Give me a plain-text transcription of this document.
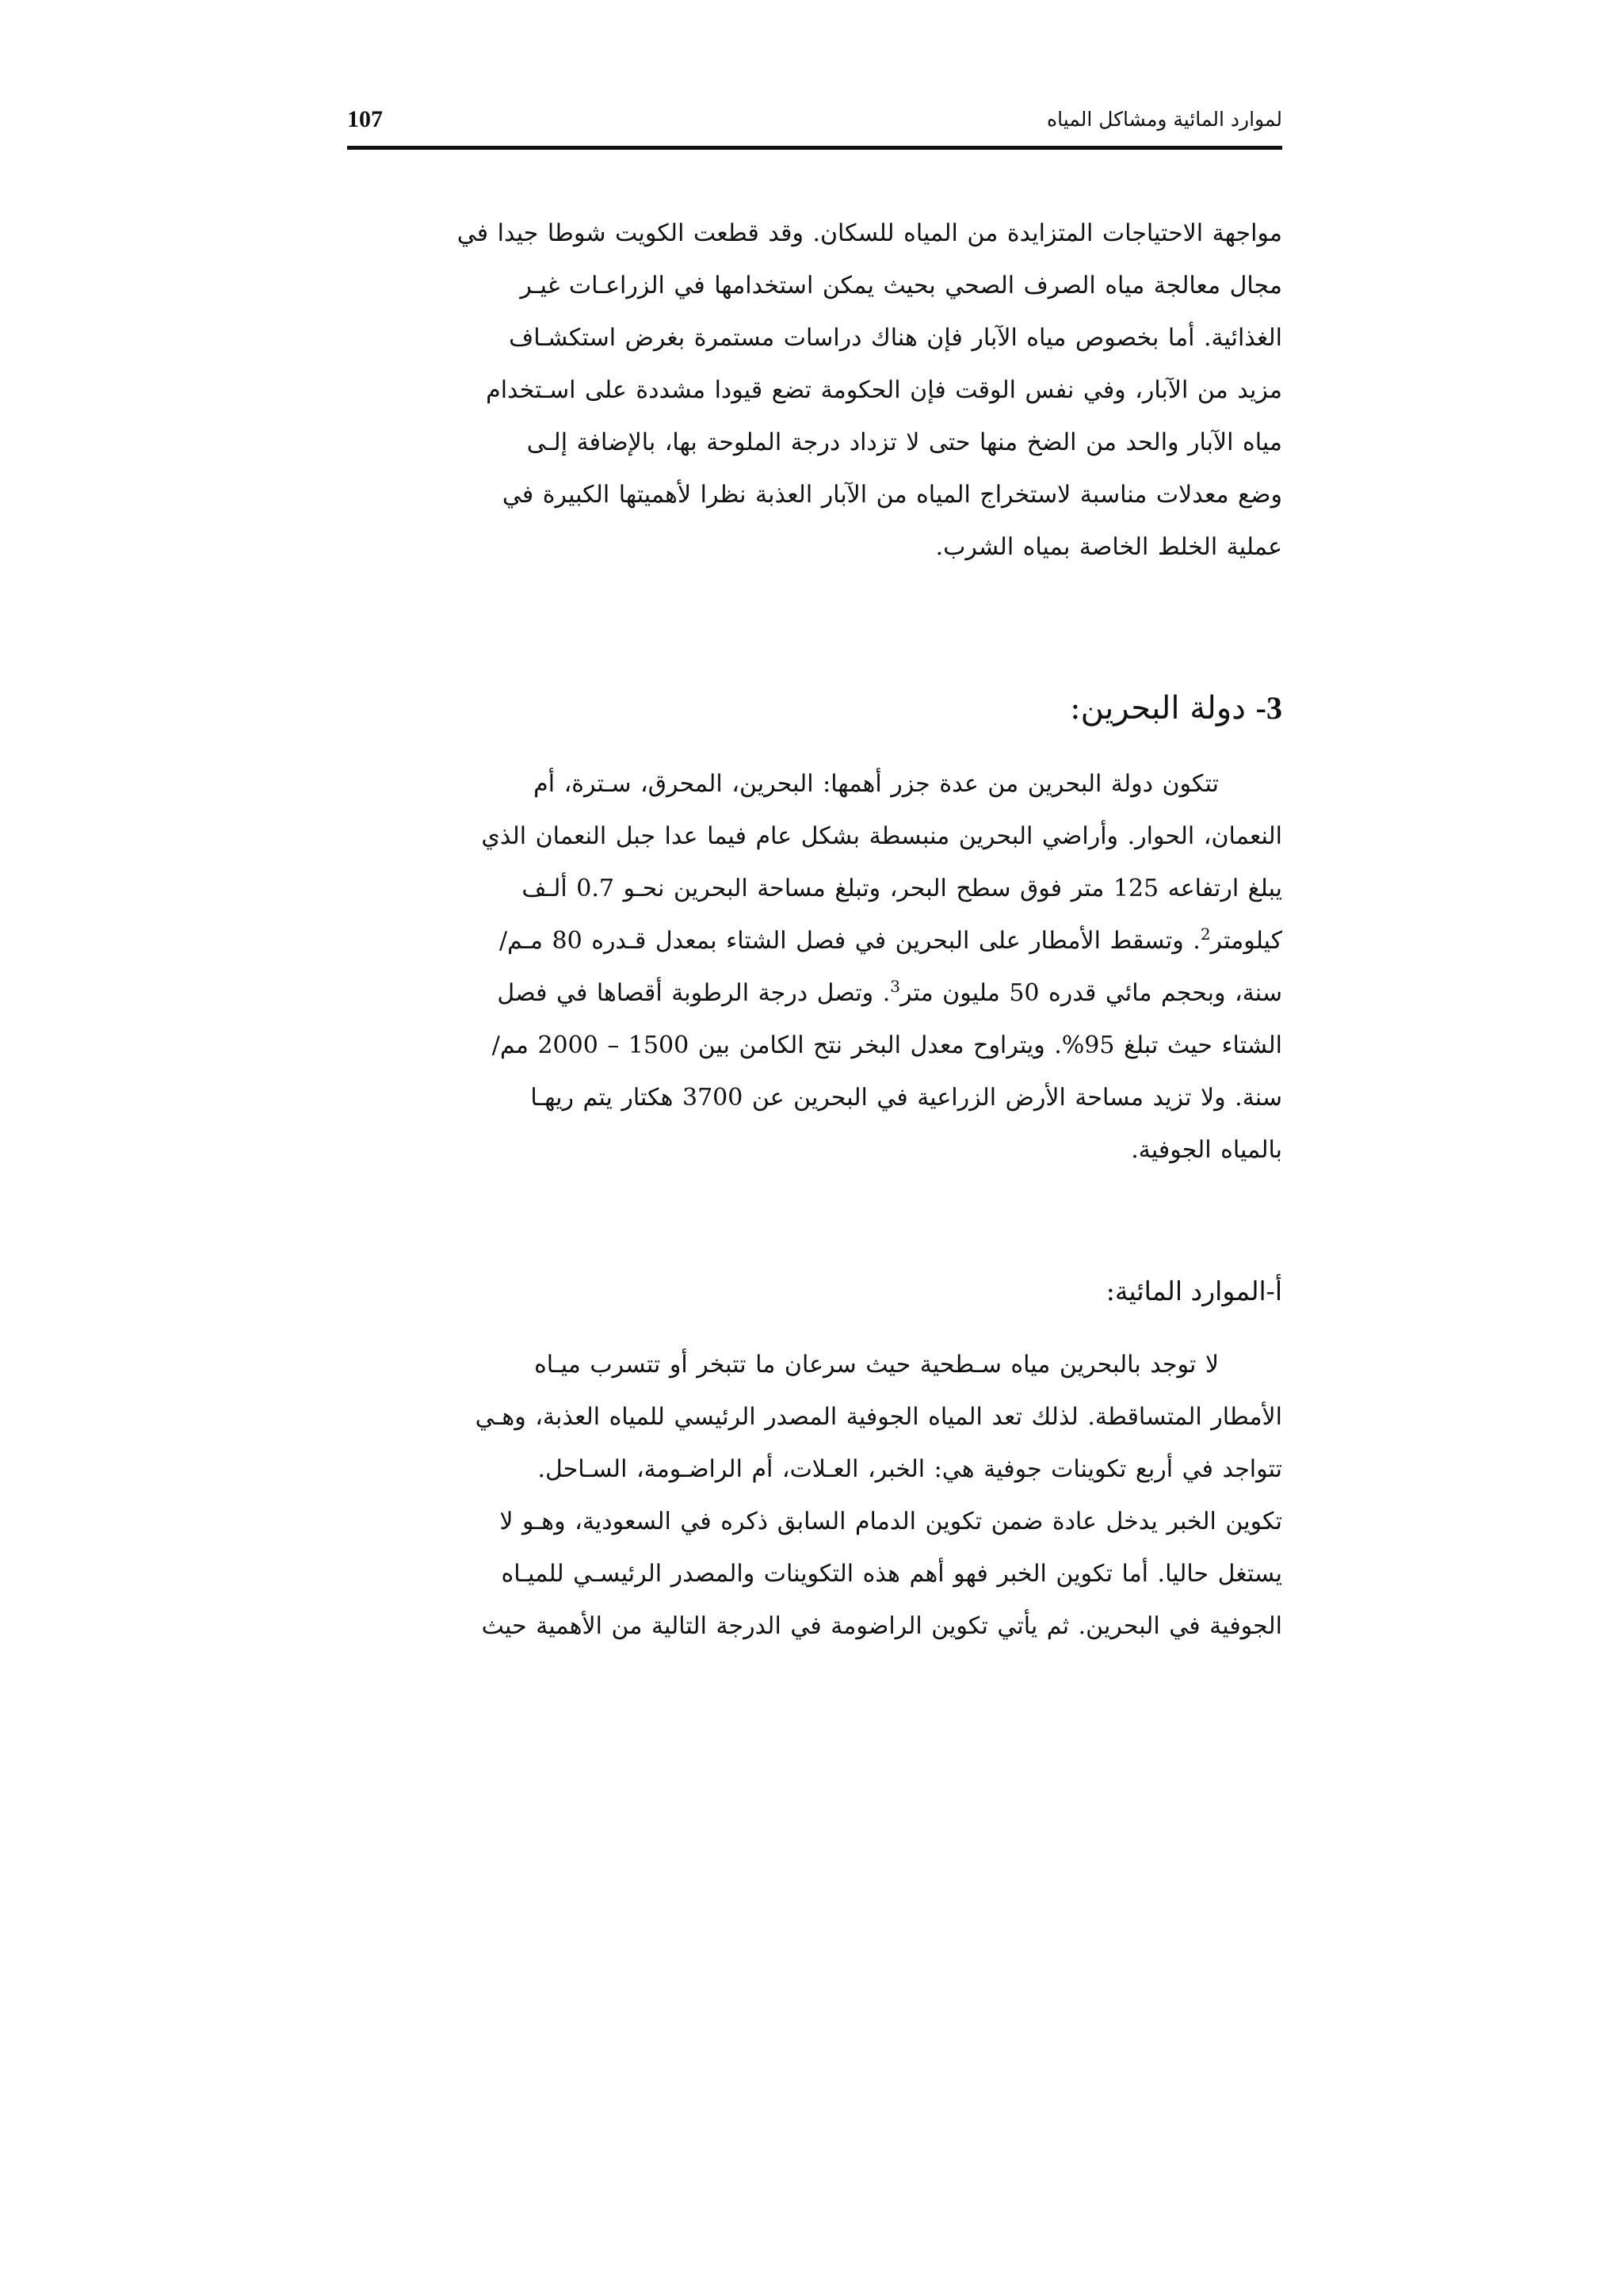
107	لموارد المائية ومشاكل المياه
مواجهة الاحتياجات المتزايدة من المياه للسكان. وقد قطعت الكويت شوطا جيدا في
مجال معالجة مياه الصرف الصحي بحيث يمكن استخدامها في الزراعـات غيـر
الغذائية. أما بخصوص مياه الآبار فإن هناك دراسات مستمرة بغرض استكشـاف
مزيد من الآبار، وفي نفس الوقت فإن الحكومة تضع قيودا مشددة على اسـتخدام
مياه الآبار والحد من الضخ منها حتى لا تزداد درجة الملوحة بها، بالإضافة إلـى
وضع معدلات مناسبة لاستخراج المياه من الآبار العذبة نظرا لأهميتها الكبيرة في
عملية الخلط الخاصة بمياه الشرب.
3- دولة البحرين:
تتكون دولة البحرين من عدة جزر أهمها: البحرين، المحرق، سـترة، أم
النعمان، الحوار. وأراضي البحرين منبسطة بشكل عام فيما عدا جبل النعمان الذي
يبلغ ارتفاعه 125 متر فوق سطح البحر، وتبلغ مساحة البحرين نحـو 0.7 ألـف
كيلومتر$^2$. وتسقط الأمطار على البحرين في فصل الشتاء بمعدل قـدره 80 مـم/
سنة، وبحجم مائي قدره 50 مليون متر$^3$. وتصل درجة الرطوبة أقصاها في فصل
الشتاء حيث تبلغ 95%. ويتراوح معدل البخر نتح الكامن بين 1500 – 2000 مم/
سنة. ولا تزيد مساحة الأرض الزراعية في البحرين عن 3700 هكتار يتم ريهـا
بالمياه الجوفية.
أ-الموارد المائية:
لا توجد بالبحرين مياه سـطحية حيث سرعان ما تتبخر أو تتسرب ميـاه
الأمطار المتساقطة. لذلك تعد المياه الجوفية المصدر الرئيسي للمياه العذبة، وهـي
تتواجد في أربع تكوينات جوفية هي: الخبر، العـلات، أم الراضـومة، السـاحل.
تكوين الخبر يدخل عادة ضمن تكوين الدمام السابق ذكره في السعودية، وهـو لا
يستغل حاليا. أما تكوين الخبر فهو أهم هذه التكوينات والمصدر الرئيسـي للميـاه
الجوفية في البحرين. ثم يأتي تكوين الراضومة في الدرجة التالية من الأهمية حيث
